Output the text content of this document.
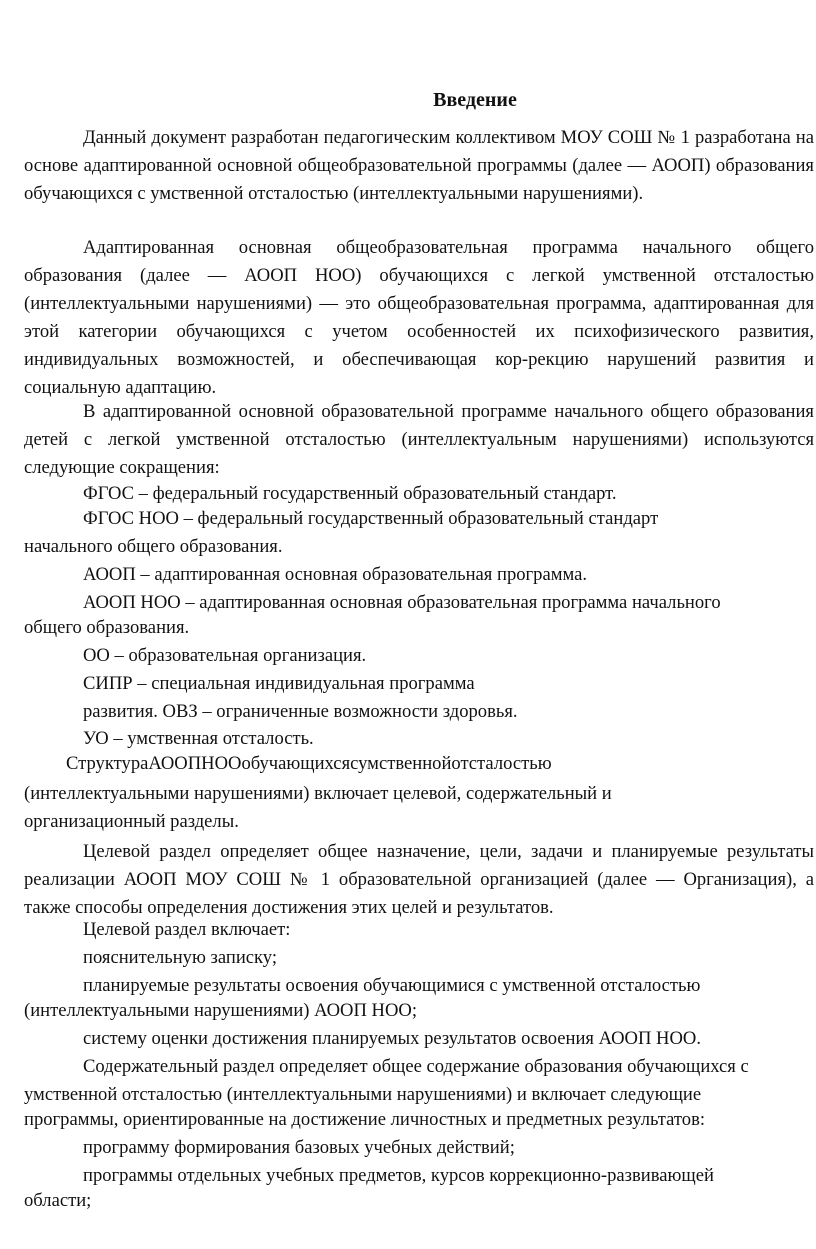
Введение

Данный документ разработан педагогическим коллективом МОУ СОШ № 1 разработана на основе адаптированной основной общеобразовательной программы (далее — АООП) образования обучающихся с умственной отсталостью (интеллектуальными нарушениями).

Адаптированная основная общеобразовательная программа начального общего образования (далее — АООП НОО) обучающихся с легкой умственной отсталостью (интеллектуальными нарушениями) — это общеобразовательная программа, адаптированная для этой категории обучающихся с учетом особенностей их психофизического развития, индивидуальных возможностей, и обеспечивающая кор-рекцию нарушений развития и социальную адаптацию.

В адаптированной основной образовательной программе начального общего образования детей с легкой умственной отсталостью (интеллектуальным нарушениями) используются следующие сокращения:

ФГОС – федеральный государственный образовательный стандарт.
ФГОС НОО – федеральный государственный образовательный стандарт
начального общего образования.
АООП – адаптированная основная образовательная программа.
АООП НОО – адаптированная основная образовательная программа начального
общего образования.
ОО – образовательная организация.
СИПР – специальная индивидуальная программа
развития. ОВЗ – ограниченные возможности здоровья.
УО – умственная отсталость.
СтруктураАООПНООобучающихсясумственнойотсталостью
(интеллектуальными нарушениями) включает целевой, содержательный и
организационный разделы.

Целевой раздел определяет общее назначение, цели, задачи и планируемые результаты реализации АООП МОУ СОШ № 1 образовательной организацией (далее — Организация), а также способы определения достижения этих целей и результатов.

Целевой раздел включает:
пояснительную записку;
планируемые результаты освоения обучающимися с умственной отсталостью
(интеллектуальными нарушениями) АООП НОО;
систему оценки достижения планируемых результатов освоения АООП НОО.
Содержательный раздел определяет общее содержание образования обучающихся с
умственной отсталостью (интеллектуальными нарушениями) и включает следующие
программы, ориентированные на достижение личностных и предметных результатов:
программу формирования базовых учебных действий;
программы отдельных учебных предметов, курсов коррекционно-развивающей
области;
